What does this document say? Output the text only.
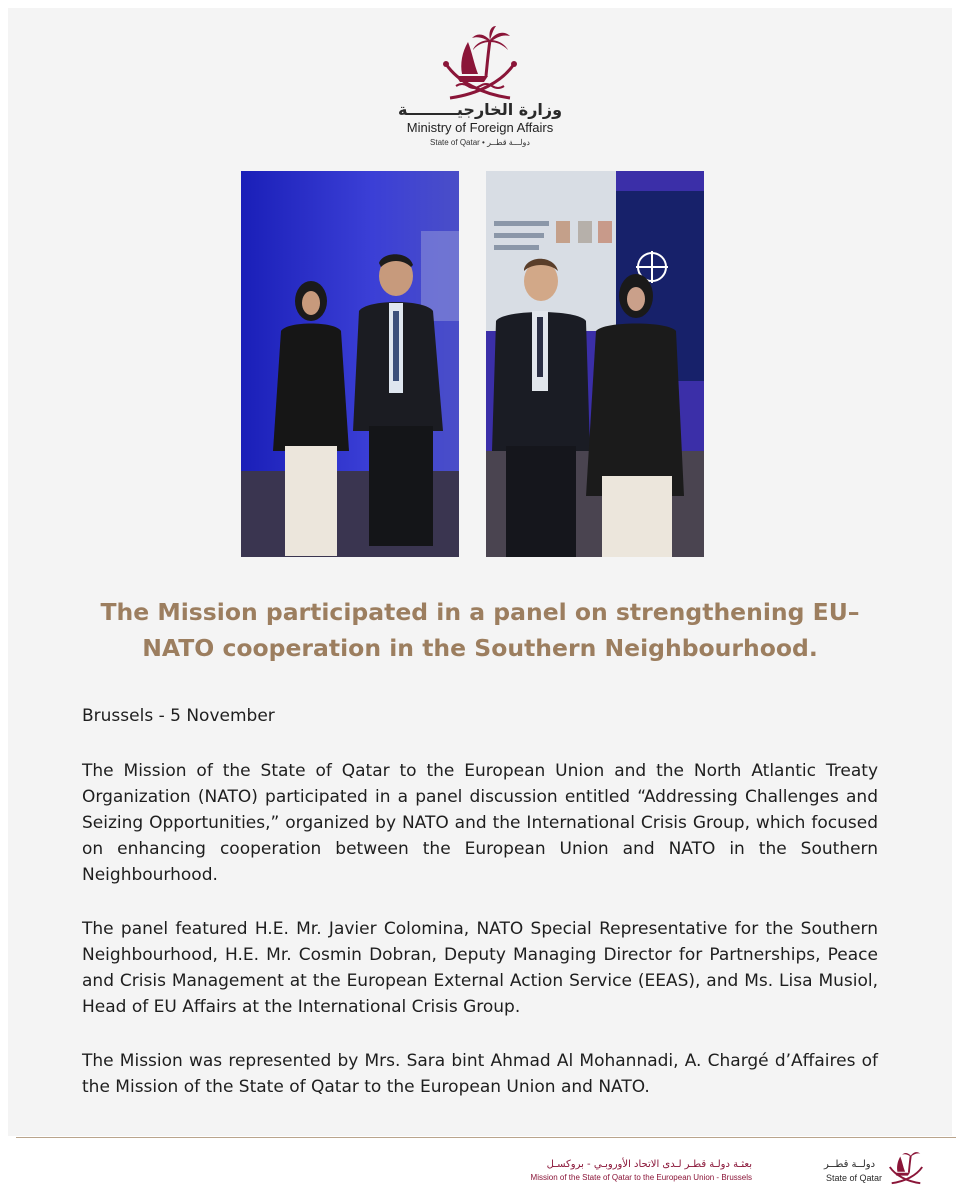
وزارة الخارجيـــــــــة
Ministry of Foreign Affairs
State of Qatar • دولـــة قطــر
The Mission participated in a panel on strengthening EU–NATO cooperation in the Southern Neighbourhood.
Brussels - 5 November
The Mission of the State of Qatar to the European Union and the North Atlantic Treaty Organization (NATO) participated in a panel discussion entitled “Addressing Challenges and Seizing Opportunities,” organized by NATO and the International Crisis Group, which focused on enhancing cooperation between the European Union and NATO in the Southern Neighbourhood.
The panel featured H.E. Mr. Javier Colomina, NATO Special Representative for the Southern Neighbourhood, H.E. Mr. Cosmin Dobran, Deputy Managing Director for Partnerships, Peace and Crisis Management at the European External Action Service (EEAS), and Ms. Lisa Musiol, Head of EU Affairs at the International Crisis Group.
The Mission was represented by Mrs. Sara bint Ahmad Al Mohannadi, A. Chargé d’Affaires of the Mission of the State of Qatar to the European Union and NATO.
بعثـة دولـة قطـر لـدى الاتحاد الأوروبـي - بروكسـل
Mission of the State of Qatar to the European Union - Brussels
دولــة قطــر
State of Qatar
